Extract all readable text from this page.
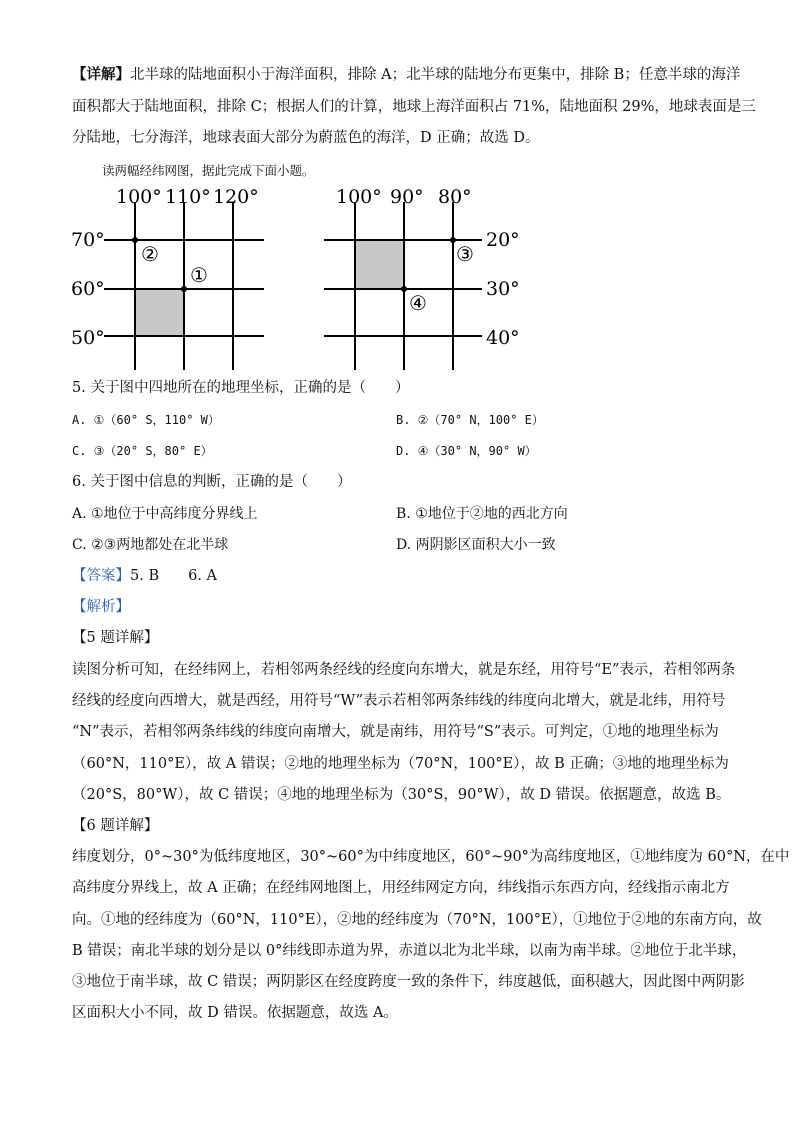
【详解】北半球的陆地面积小于海洋面积，排除 A；北半球的陆地分布更集中，排除 B；任意半球的海洋
面积都大于陆地面积，排除 C；根据人们的计算，地球上海洋面积占 71%，陆地面积 29%，地球表面是三
分陆地，七分海洋，地球表面大部分为蔚蓝色的海洋，D 正确；故选 D。
读两幅经纬网图，据此完成下面小题。
100° 110° 120°
70°
60°
50°
②
①
100° 90° 80°
20°
30°
40°
③
④
5. 关于图中四地所在的地理坐标，正确的是（　　）
A. ①（60° S，110° W）	B. ②（70° N，100° E）
C. ③（20° S，80° E）	D. ④（30° N，90° W）
6. 关于图中信息的判断，正确的是（　　）
A. ①地位于中高纬度分界线上	B. ①地位于②地的西北方向
C. ②③两地都处在北半球	D. 两阴影区面积大小一致
【答案】5. B　　6. A
【解析】
【5 题详解】
读图分析可知，在经纬网上，若相邻两条经线的经度向东增大，就是东经，用符号“E”表示，若相邻两条
经线的经度向西增大，就是西经，用符号“W”表示若相邻两条纬线的纬度向北增大，就是北纬，用符号
“N”表示，若相邻两条纬线的纬度向南增大，就是南纬，用符号“S”表示。可判定，①地的地理坐标为
（60°N，110°E），故 A 错误；②地的地理坐标为（70°N，100°E），故 B 正确；③地的地理坐标为
（20°S，80°W），故 C 错误；④地的地理坐标为（30°S，90°W），故 D 错误。依据题意，故选 B。
【6 题详解】
纬度划分，0°~30°为低纬度地区，30°~60°为中纬度地区，60°~90°为高纬度地区，①地纬度为 60°N，在中
高纬度分界线上，故 A 正确；在经纬网地图上，用经纬网定方向，纬线指示东西方向，经线指示南北方
向。①地的经纬度为（60°N，110°E），②地的经纬度为（70°N，100°E），①地位于②地的东南方向，故
B 错误；南北半球的划分是以 0°纬线即赤道为界，赤道以北为北半球，以南为南半球。②地位于北半球，
③地位于南半球，故 C 错误；两阴影区在经度跨度一致的条件下，纬度越低，面积越大，因此图中两阴影
区面积大小不同，故 D 错误。依据题意，故选 A。
